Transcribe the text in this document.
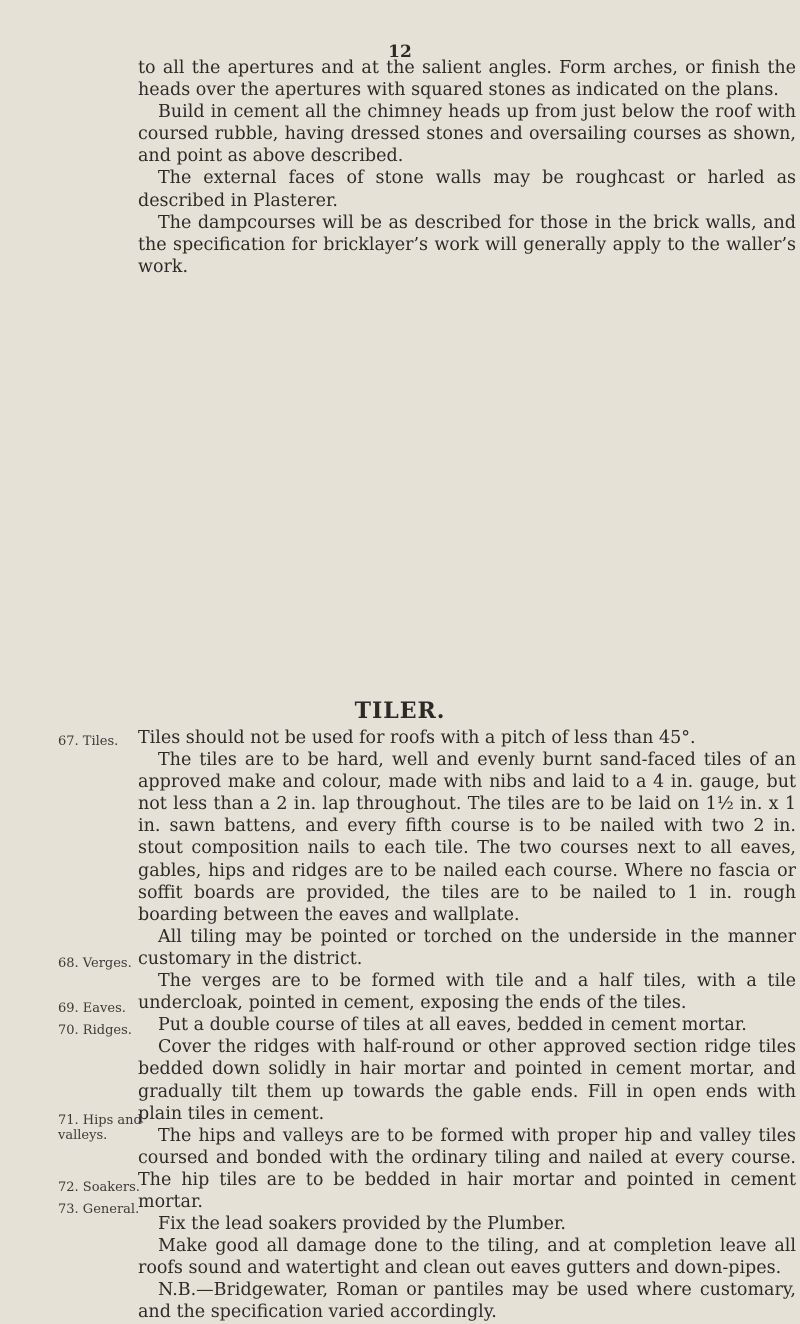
12

to all the apertures and at the salient angles. Form arches, or finish the heads over the apertures with squared stones as indicated on the plans.

Build in cement all the chimney heads up from just below the roof with coursed rubble, having dressed stones and oversailing courses as shown, and point as above described.

The external faces of stone walls may be roughcast or harled as described in Plasterer.

The dampcourses will be as described for those in the brick walls, and the specification for bricklayer’s work will generally apply to the waller’s work.

TILER.
67. Tiles.
68. Verges.
69. Eaves.
70. Ridges.
71. Hips and valleys.
72. Soakers.
73. General.

Tiles should not be used for roofs with a pitch of less than 45°.

The tiles are to be hard, well and evenly burnt sand-faced tiles of an approved make and colour, made with nibs and laid to a 4 in. gauge, but not less than a 2 in. lap throughout. The tiles are to be laid on 1½ in. x 1 in. sawn battens, and every fifth course is to be nailed with two 2 in. stout composition nails to each tile. The two courses next to all eaves, gables, hips and ridges are to be nailed each course. Where no fascia or soffit boards are provided, the tiles are to be nailed to 1 in. rough boarding between the eaves and wallplate.

All tiling may be pointed or torched on the underside in the manner customary in the district.

The verges are to be formed with tile and a half tiles, with a tile undercloak, pointed in cement, exposing the ends of the tiles.

Put a double course of tiles at all eaves, bedded in cement mortar.

Cover the ridges with half-round or other approved section ridge tiles bedded down solidly in hair mortar and pointed in cement mortar, and gradually tilt them up towards the gable ends. Fill in open ends with plain tiles in cement.

The hips and valleys are to be formed with proper hip and valley tiles coursed and bonded with the ordinary tiling and nailed at every course. The hip tiles are to be bedded in hair mortar and pointed in cement mortar.

Fix the lead soakers provided by the Plumber.

Make good all damage done to the tiling, and at completion leave all roofs sound and watertight and clean out eaves gutters and down-pipes.

N.B.—Bridgewater, Roman or pantiles may be used where customary, and the specification varied accordingly.
